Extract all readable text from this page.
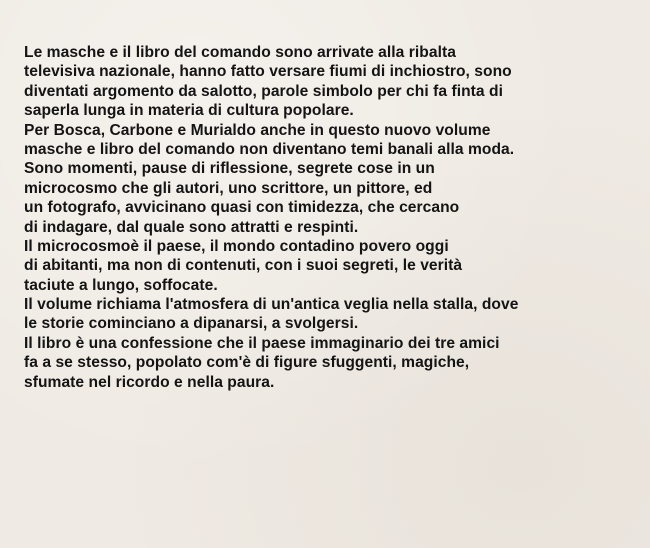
Le masche e il libro del comando sono arrivate alla ribalta
televisiva nazionale, hanno fatto versare fiumi di inchiostro, sono
diventati argomento da salotto, parole simbolo per chi fa finta di
saperla lunga in materia di cultura popolare.
Per Bosca, Carbone e Murialdo anche in questo nuovo volume
masche e libro del comando non diventano temi banali alla moda.
Sono momenti, pause di riflessione, segrete cose in un
microcosmo che gli autori, uno scrittore, un pittore, ed
un fotografo, avvicinano quasi con timidezza, che cercano
di indagare, dal quale sono attratti e respinti.
Il microcosmoè il paese, il mondo contadino povero oggi
di abitanti, ma non di contenuti, con i suoi segreti, le verità
taciute a lungo, soffocate.
Il volume richiama l'atmosfera di un'antica veglia nella stalla, dove
le storie cominciano a dipanarsi, a svolgersi.
Il libro è una confessione che il paese immaginario dei tre amici
fa a se stesso, popolato com'è di figure sfuggenti, magiche,
sfumate nel ricordo e nella paura.
